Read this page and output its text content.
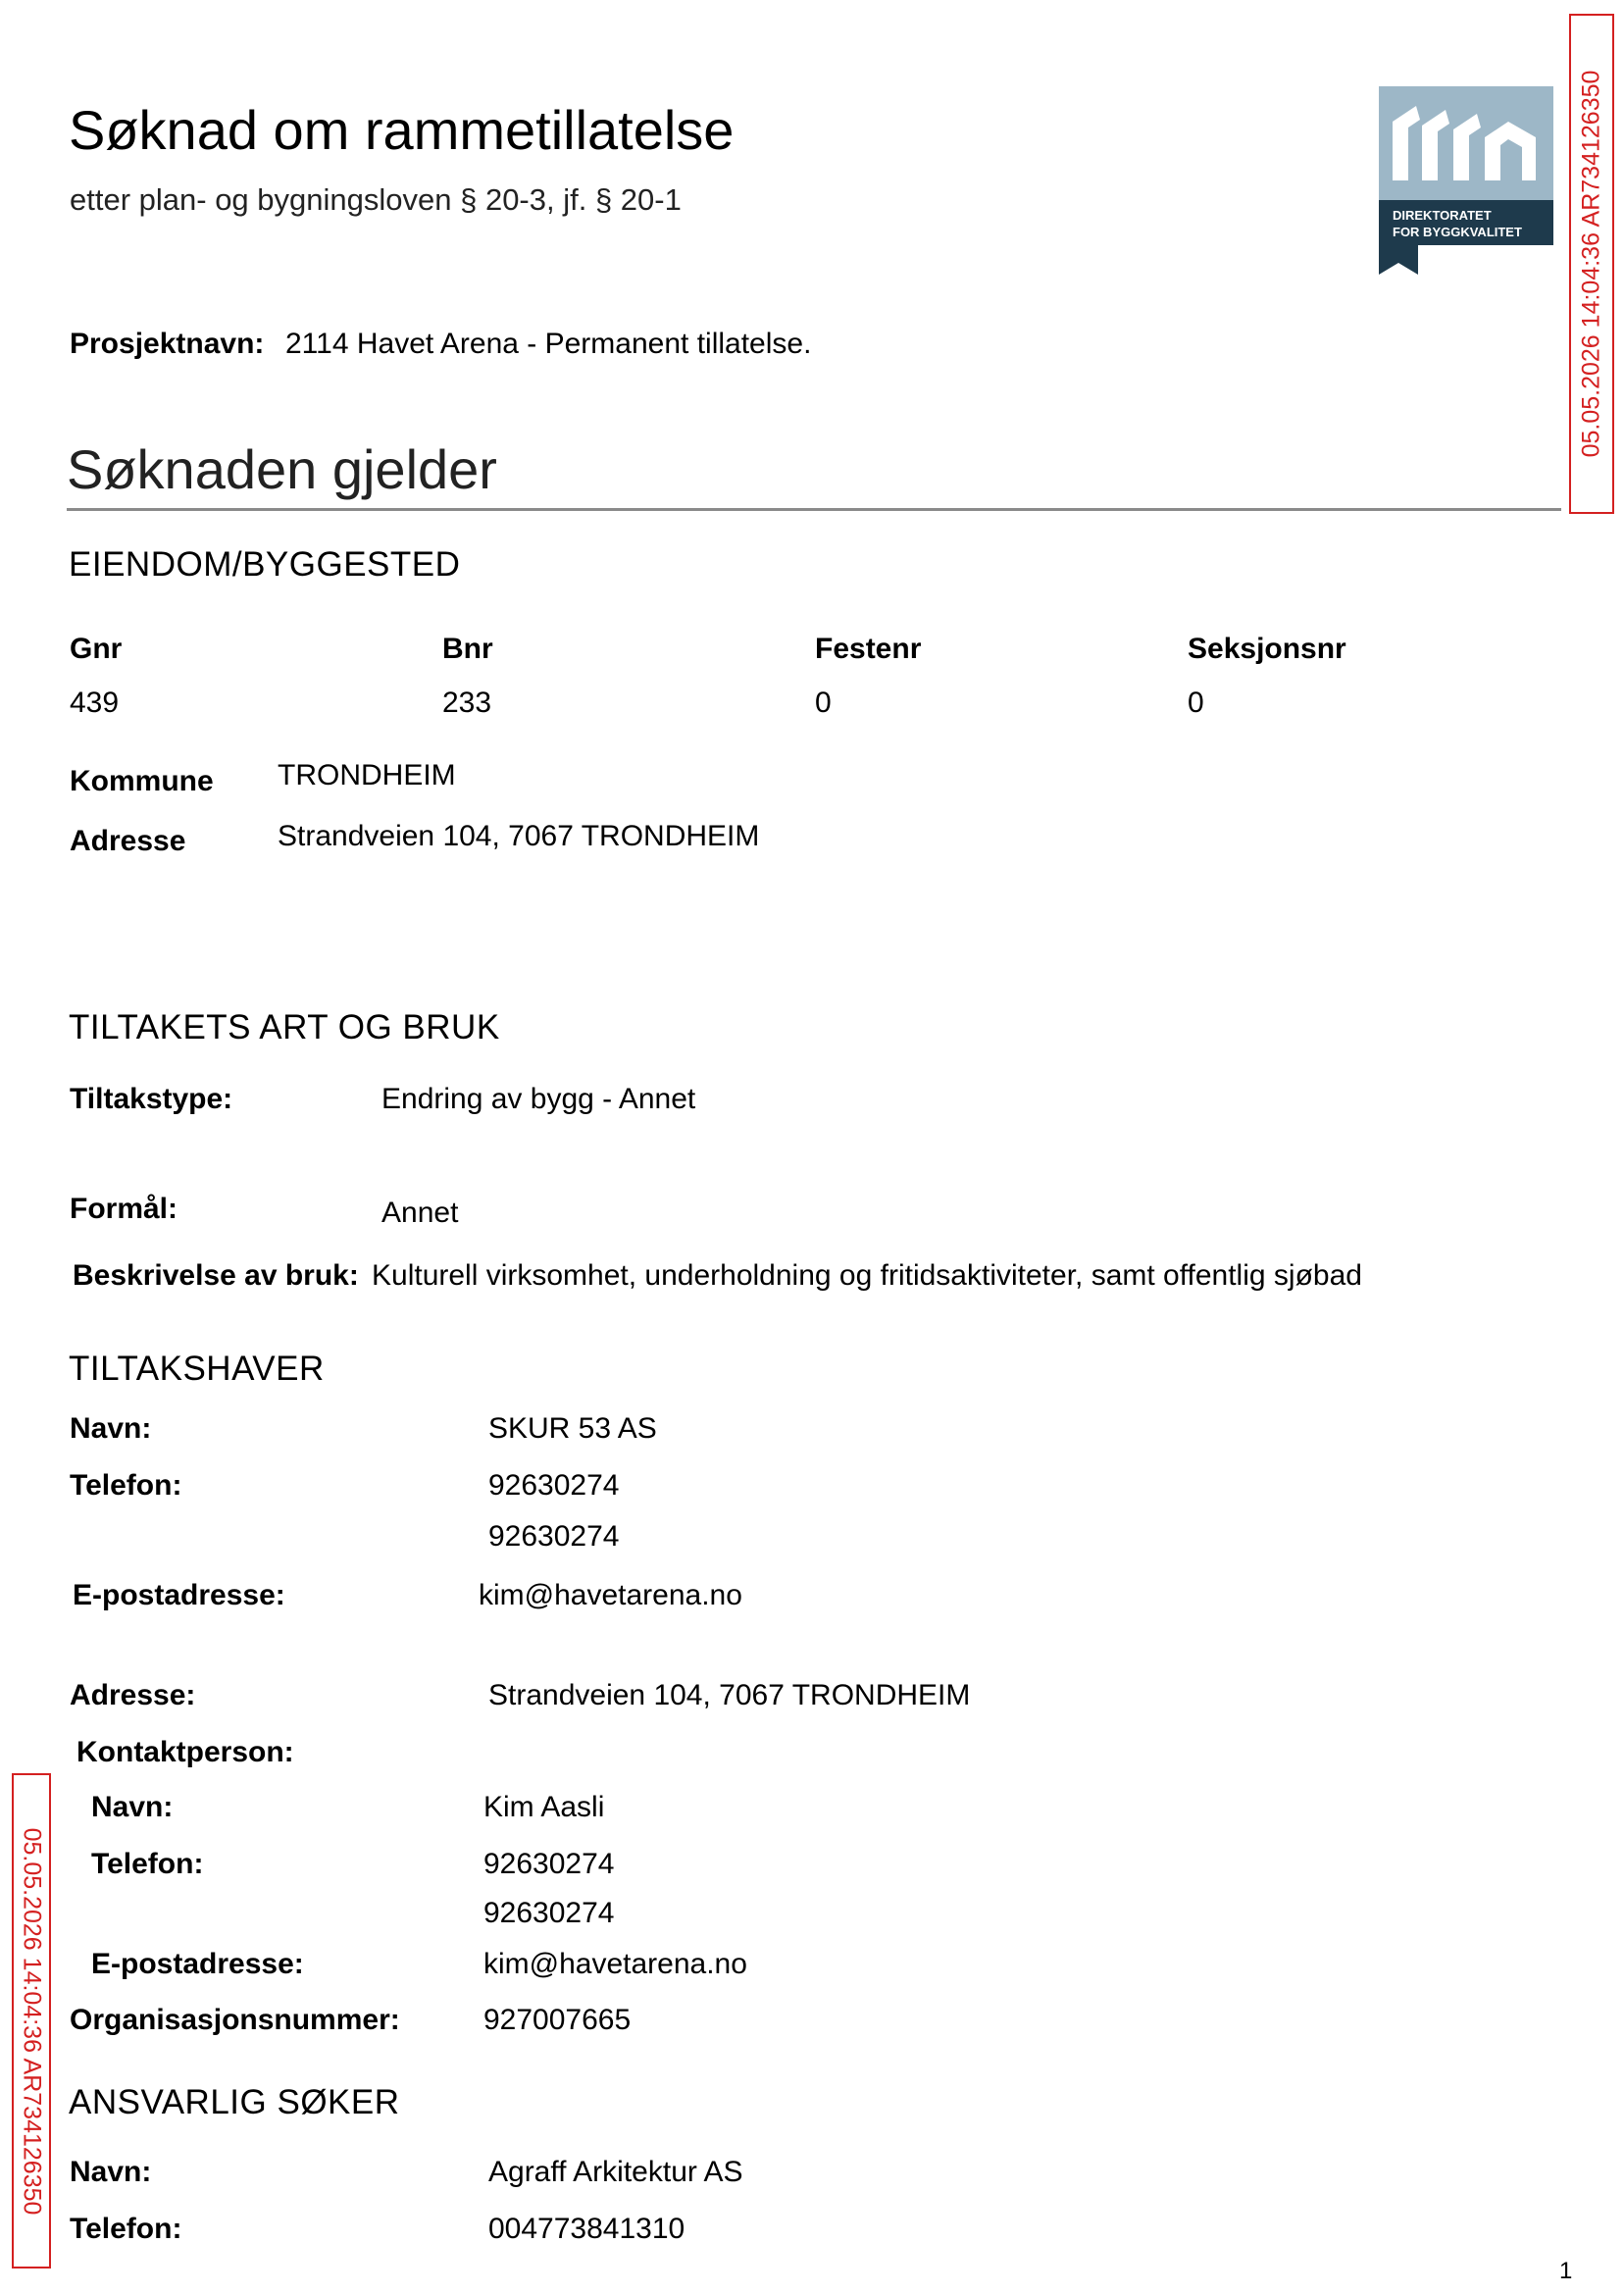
Søknad om rammetillatelse
etter plan- og bygningsloven § 20-3, jf. § 20-1	DIREKTORATET
FOR BYGGKVALITET 05.05.2026 14:04:36 AR734126350
05.05.2026 14:04:36 AR734126350
Prosjektnavn: 2114 Havet Arena - Permanent tillatelse.
Søknaden gjelder
EIENDOM/BYGGESTED
Gnr	Bnr	Festenr	Seksjonsnr
439	233	0	0
Kommune TRONDHEIM
Adresse	Strandveien 104, 7067 TRONDHEIM
TILTAKETS ART OG BRUK
Tiltakstype:	Endring av bygg - Annet
Formål:	Annet
Beskrivelse av bruk: Kulturell virksomhet, underholdning og fritidsaktiviteter, samt offentlig sjøbad
TILTAKSHAVER
Navn:	SKUR 53 AS
Telefon:	92630274
92630274
E-postadresse:	kim@havetarena.no
Adresse:	Strandveien 104, 7067 TRONDHEIM
Kontaktperson:
Navn:	Kim Aasli
Telefon:	92630274
92630274
E-postadresse:	kim@havetarena.no
Organisasjonsnummer:	927007665
ANSVARLIG SØKER
Navn:	Agraff Arkitektur AS
Telefon:	004773841310
1
